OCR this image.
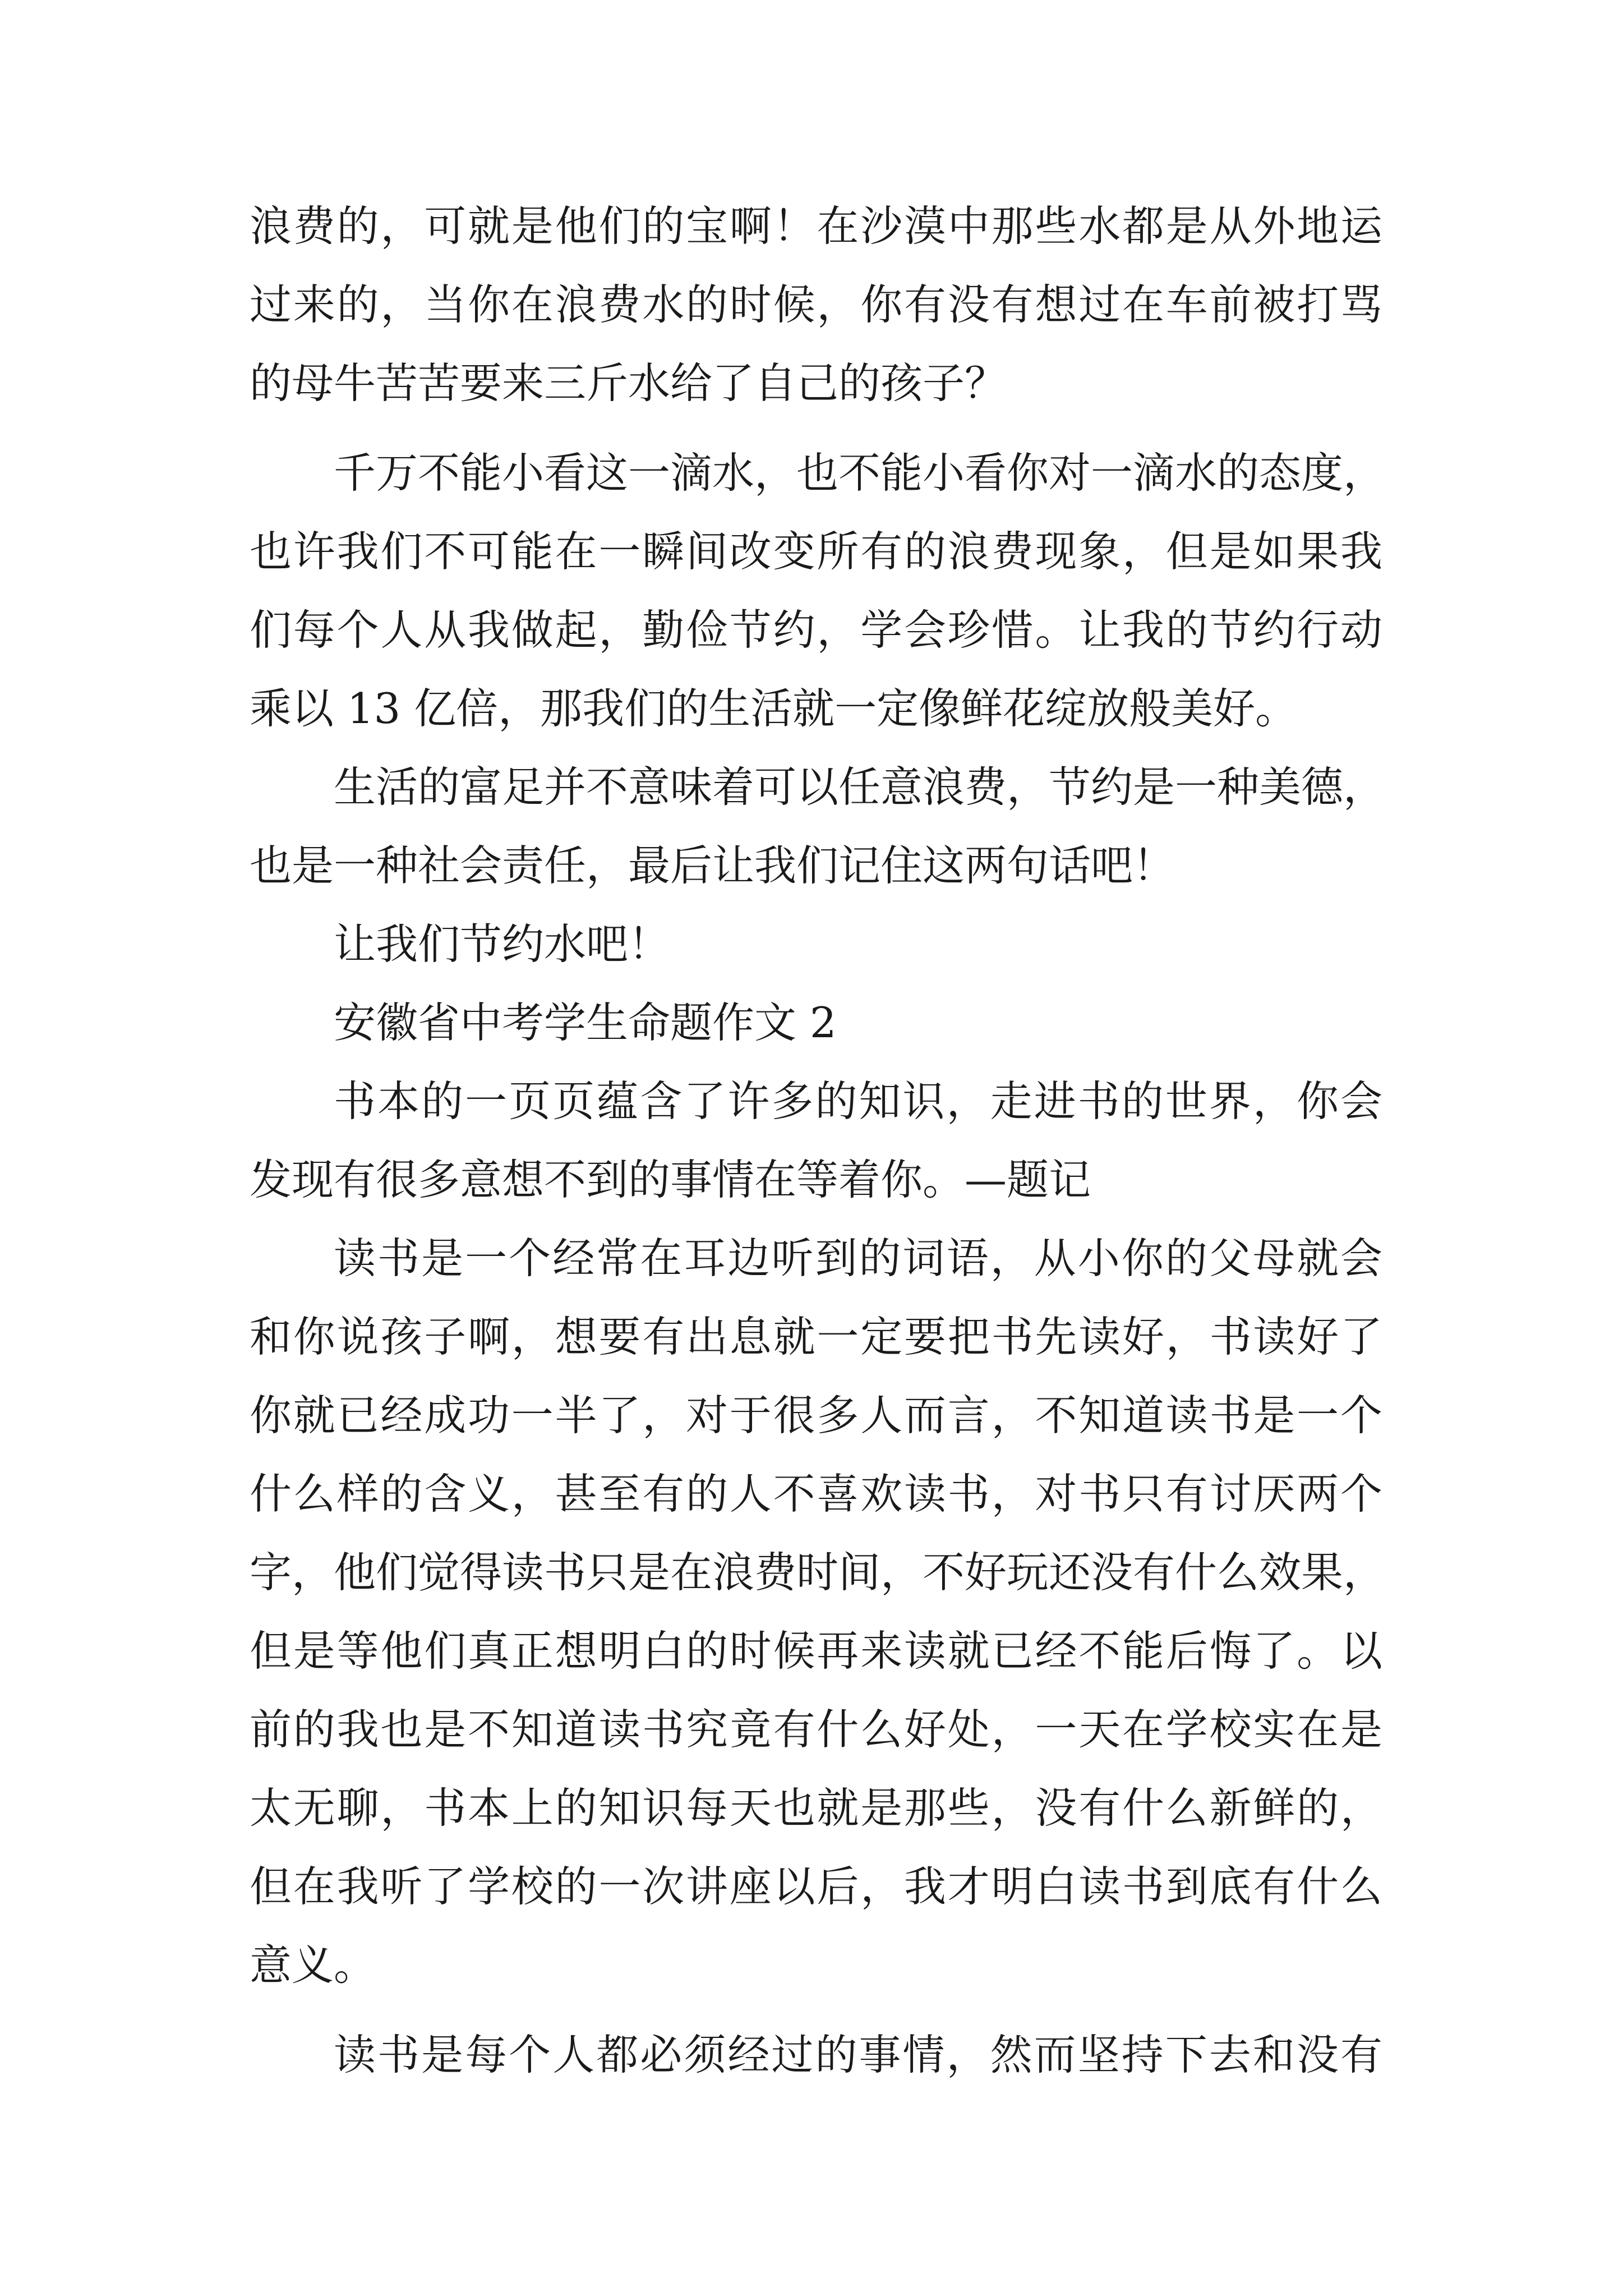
浪费的，可就是他们的宝啊！在沙漠中那些水都是从外地运
过来的，当你在浪费水的时候，你有没有想过在车前被打骂
的母牛苦苦要来三斤水给了自己的孩子？
千万不能小看这一滴水，也不能小看你对一滴水的态度，
也许我们不可能在一瞬间改变所有的浪费现象，但是如果我
们每个人从我做起，勤俭节约，学会珍惜。让我的节约行动
乘以 13 亿倍，那我们的生活就一定像鲜花绽放般美好。
生活的富足并不意味着可以任意浪费，节约是一种美德，
也是一种社会责任，最后让我们记住这两句话吧！
让我们节约水吧！
安徽省中考学生命题作文 2
书本的一页页蕴含了许多的知识，走进书的世界，你会
发现有很多意想不到的事情在等着你。—题记
读书是一个经常在耳边听到的词语，从小你的父母就会
和你说孩子啊，想要有出息就一定要把书先读好，书读好了
你就已经成功一半了，对于很多人而言，不知道读书是一个
什么样的含义，甚至有的人不喜欢读书，对书只有讨厌两个
字，他们觉得读书只是在浪费时间，不好玩还没有什么效果，
但是等他们真正想明白的时候再来读就已经不能后悔了。以
前的我也是不知道读书究竟有什么好处，一天在学校实在是
太无聊，书本上的知识每天也就是那些，没有什么新鲜的，
但在我听了学校的一次讲座以后，我才明白读书到底有什么
意义。
读书是每个人都必须经过的事情，然而坚持下去和没有
